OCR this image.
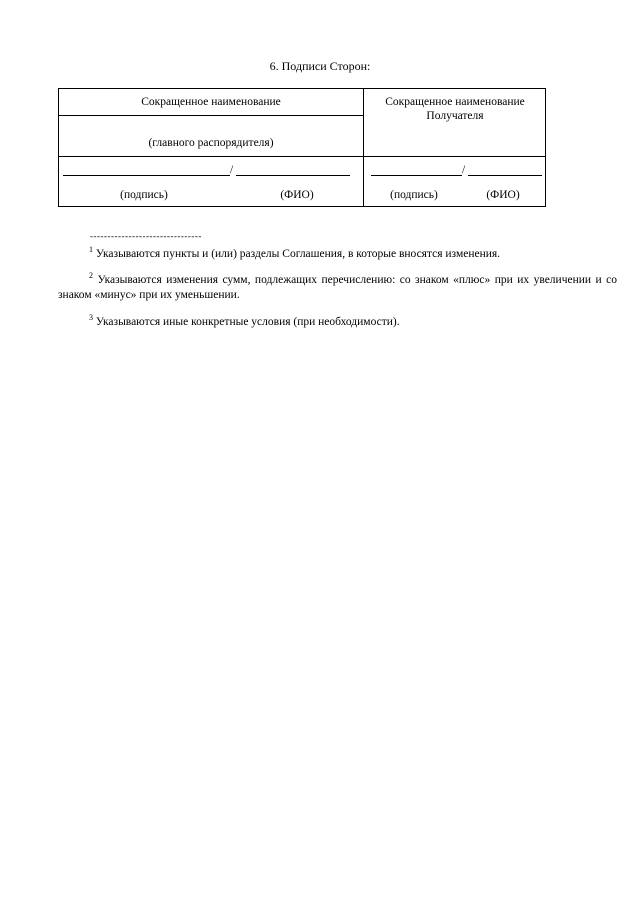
6. Подписи Сторон:
Сокращенное наименование
(главного распорядителя)
Сокращенное наименование
Получателя
/
(подпись)	(ФИО)
/
(подпись)	(ФИО)
--------------------------------
$^1$ Указываются пункты и (или) разделы Соглашения, в которые вносятся изменения.
$^2$ Указываются изменения сумм, подлежащих перечислению: со знаком «плюс» при их увеличении и со знаком «минус» при их уменьшении.
$^3$ Указываются иные конкретные условия (при необходимости).
